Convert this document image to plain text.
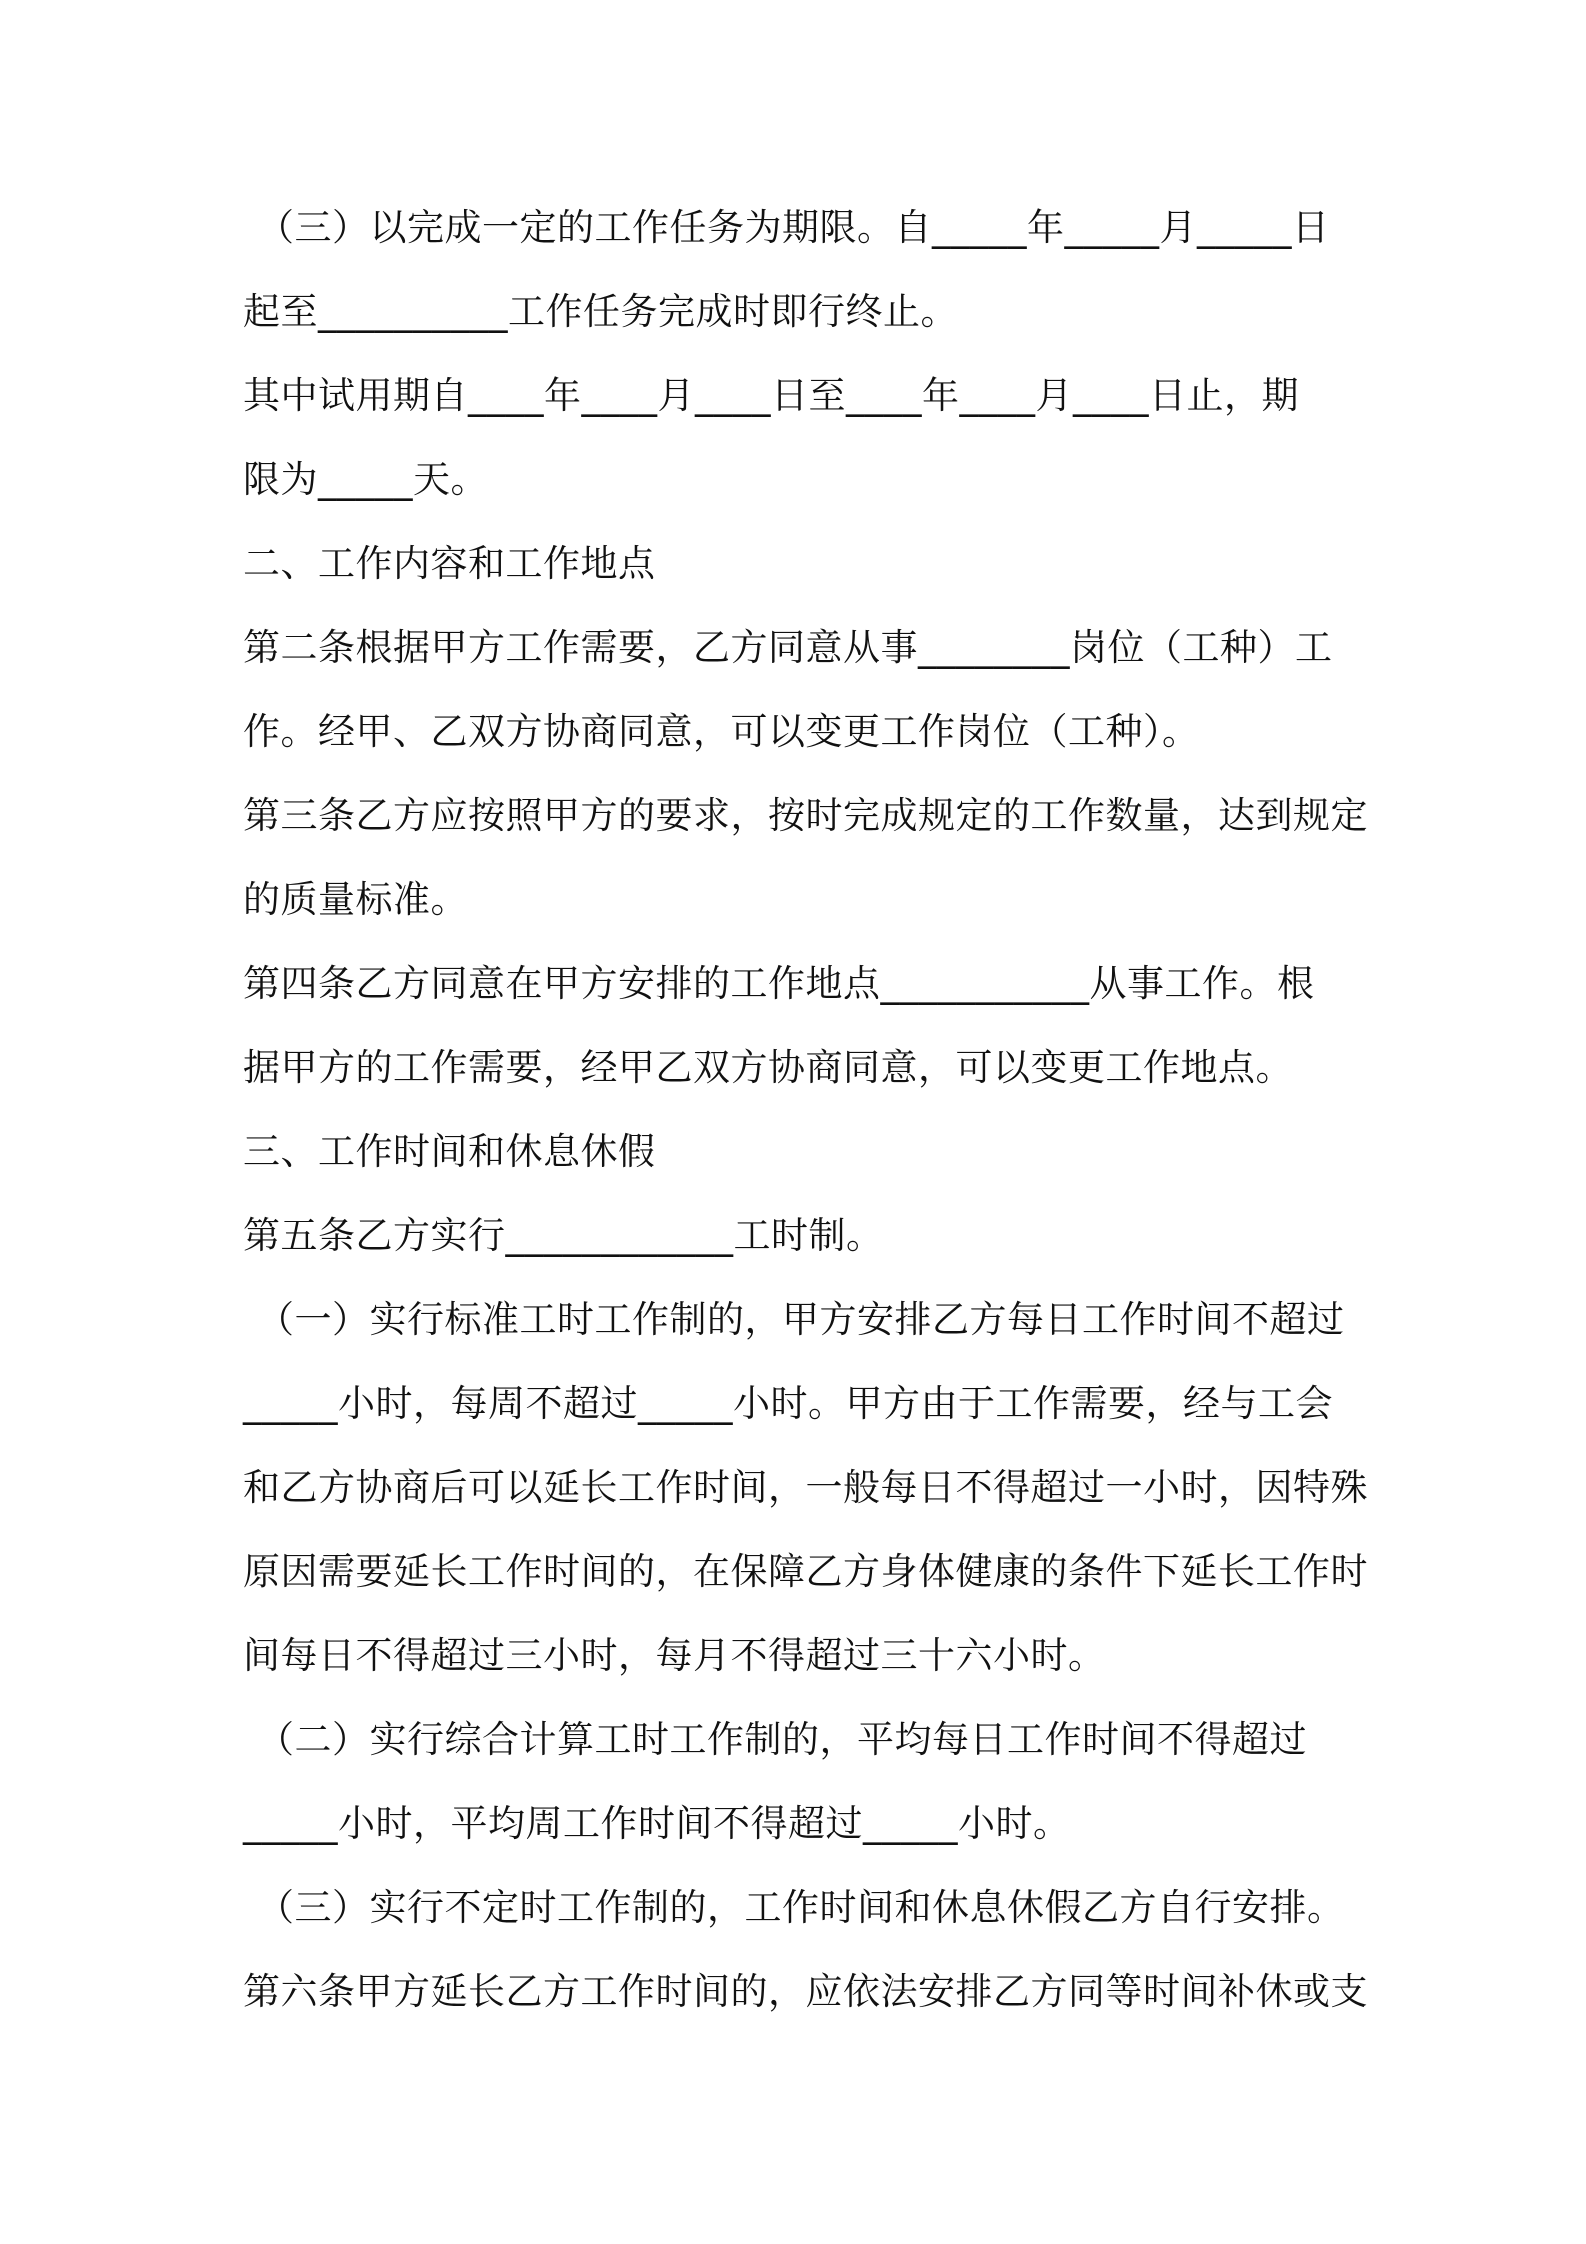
（三）以完成一定的工作任务为期限。自_____年_____月_____日
起至__________工作任务完成时即行终止。
其中试用期自____年____月____日至____年____月____日止，期
限为_____天。
二、工作内容和工作地点
第二条根据甲方工作需要，乙方同意从事________岗位（工种）工
作。经甲、乙双方协商同意，可以变更工作岗位（工种）。
第三条乙方应按照甲方的要求，按时完成规定的工作数量，达到规定
的质量标准。
第四条乙方同意在甲方安排的工作地点___________从事工作。根
据甲方的工作需要，经甲乙双方协商同意，可以变更工作地点。
三、工作时间和休息休假
第五条乙方实行____________工时制。
（一）实行标准工时工作制的，甲方安排乙方每日工作时间不超过
_____小时，每周不超过_____小时。甲方由于工作需要，经与工会
和乙方协商后可以延长工作时间，一般每日不得超过一小时，因特殊
原因需要延长工作时间的，在保障乙方身体健康的条件下延长工作时
间每日不得超过三小时，每月不得超过三十六小时。
（二）实行综合计算工时工作制的，平均每日工作时间不得超过
_____小时，平均周工作时间不得超过_____小时。
（三）实行不定时工作制的，工作时间和休息休假乙方自行安排。
第六条甲方延长乙方工作时间的，应依法安排乙方同等时间补休或支
